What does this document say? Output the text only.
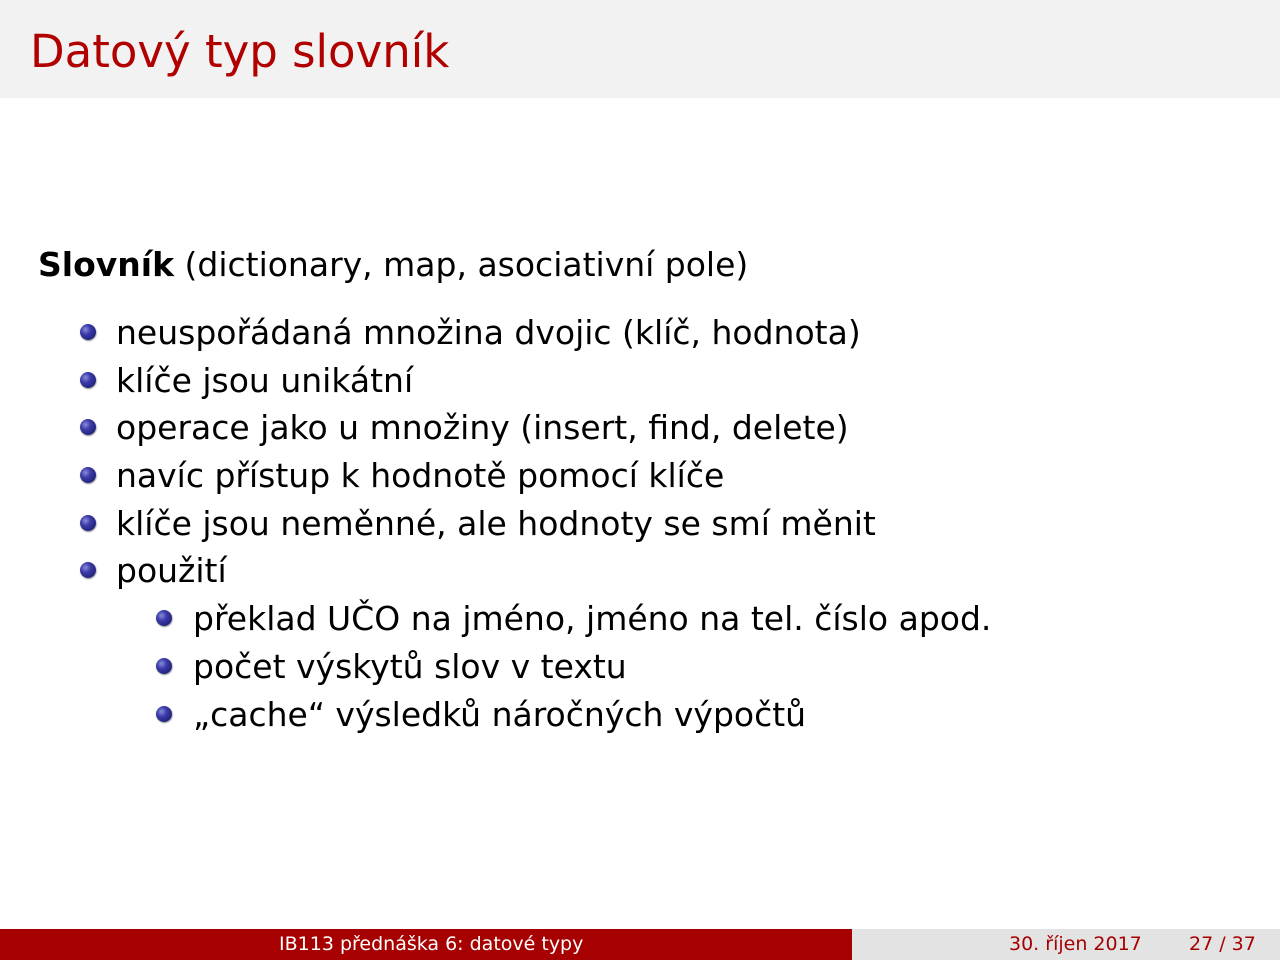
Datový typ slovník
Slovník (dictionary, map, asociativní pole)
neuspořádaná množina dvojic (klíč, hodnota)
klíče jsou unikátní
operace jako u množiny (insert, find, delete)
navíc přístup k hodnotě pomocí klíče
klíče jsou neměnné, ale hodnoty se smí měnit
použití
překlad UČO na jméno, jméno na tel. číslo apod.
počet výskytů slov v textu
„cache“ výsledků náročných výpočtů
IB113 přednáška 6: datové typy	30. říjen 2017 27 / 37
